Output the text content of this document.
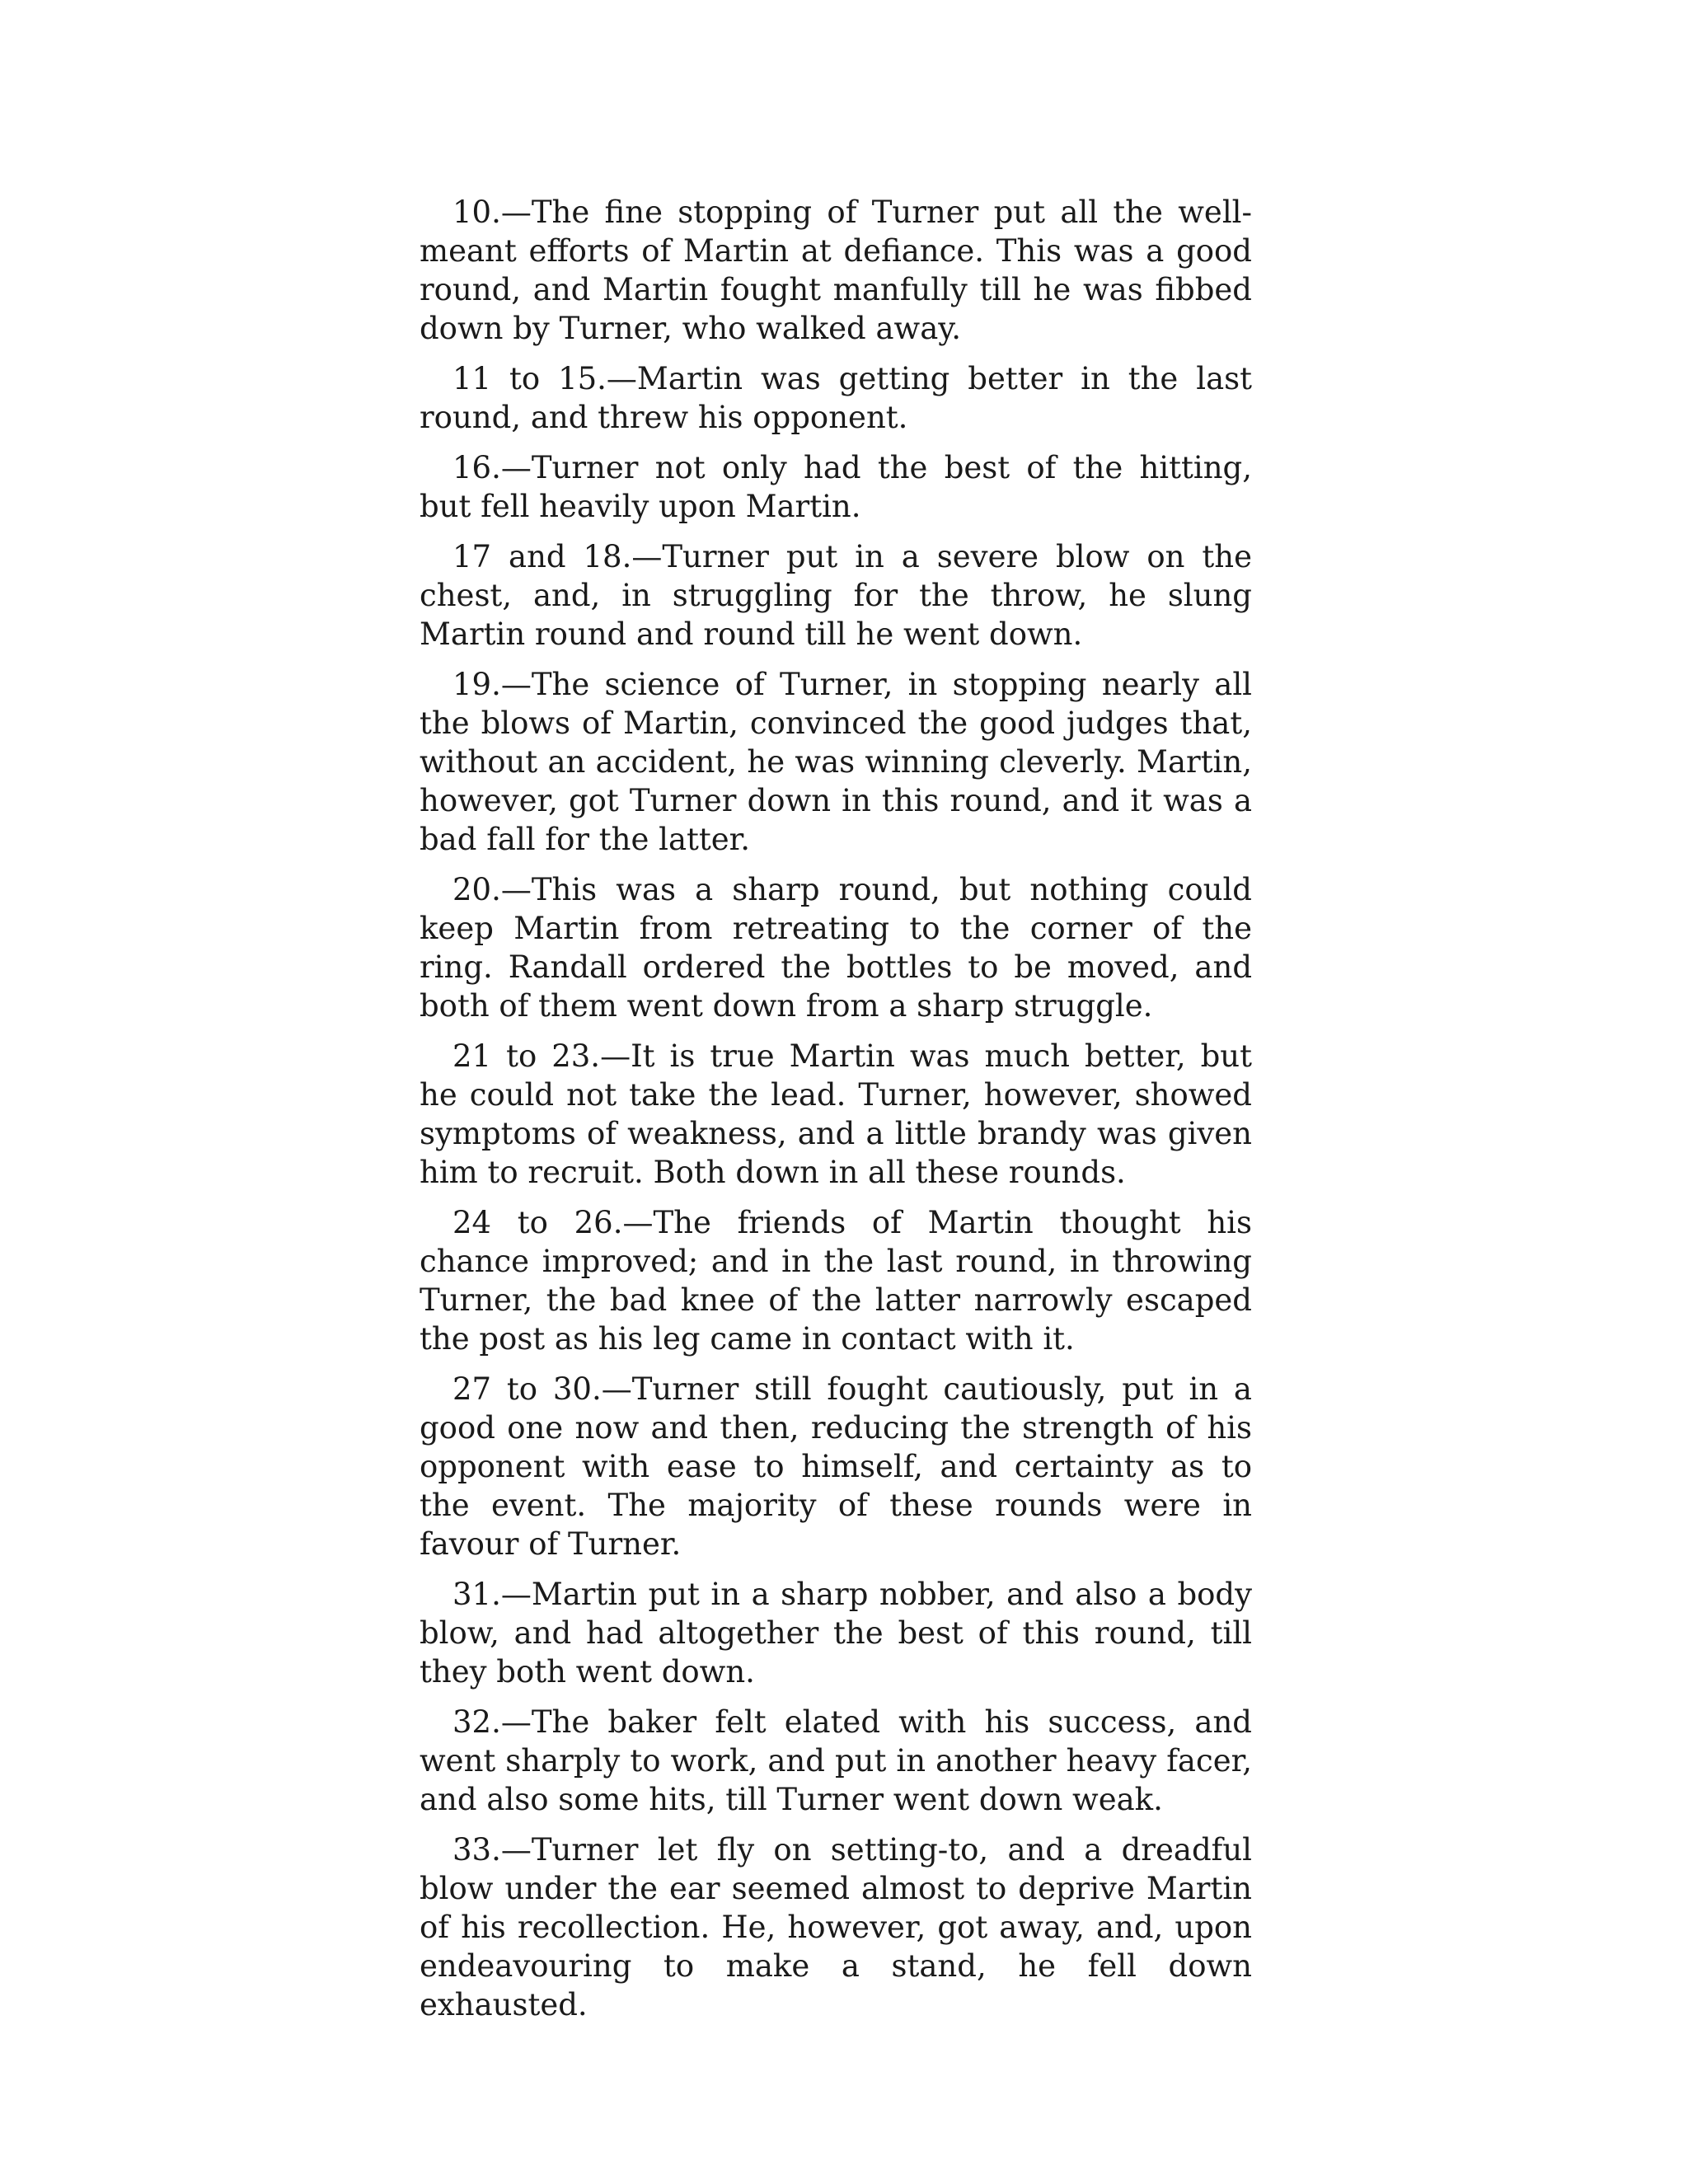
10.—The fine stopping of Turner put all the well-meant efforts of Martin at defiance. This was a good round, and Martin fought manfully till he was fibbed down by Turner, who walked away.

11 to 15.—Martin was getting better in the last round, and threw his opponent.

16.—Turner not only had the best of the hitting, but fell heavily upon Martin.

17 and 18.—Turner put in a severe blow on the chest, and, in struggling for the throw, he slung Martin round and round till he went down.

19.—The science of Turner, in stopping nearly all the blows of Martin, convinced the good judges that, without an accident, he was winning cleverly. Martin, however, got Turner down in this round, and it was a bad fall for the latter.

20.—This was a sharp round, but nothing could keep Martin from retreating to the corner of the ring. Randall ordered the bottles to be moved, and both of them went down from a sharp struggle.

21 to 23.—It is true Martin was much better, but he could not take the lead. Turner, however, showed symptoms of weakness, and a little brandy was given him to recruit. Both down in all these rounds.

24 to 26.—The friends of Martin thought his chance improved; and in the last round, in throwing Turner, the bad knee of the latter narrowly escaped the post as his leg came in contact with it.

27 to 30.—Turner still fought cautiously, put in a good one now and then, reducing the strength of his opponent with ease to himself, and certainty as to the event. The majority of these rounds were in favour of Turner.

31.—Martin put in a sharp nobber, and also a body blow, and had altogether the best of this round, till they both went down.

32.—The baker felt elated with his success, and went sharply to work, and put in another heavy facer, and also some hits, till Turner went down weak.

33.—Turner let fly on setting-to, and a dreadful blow under the ear seemed almost to deprive Martin of his recollection. He, however, got away, and, upon endeavouring to make a stand, he fell down exhausted.
